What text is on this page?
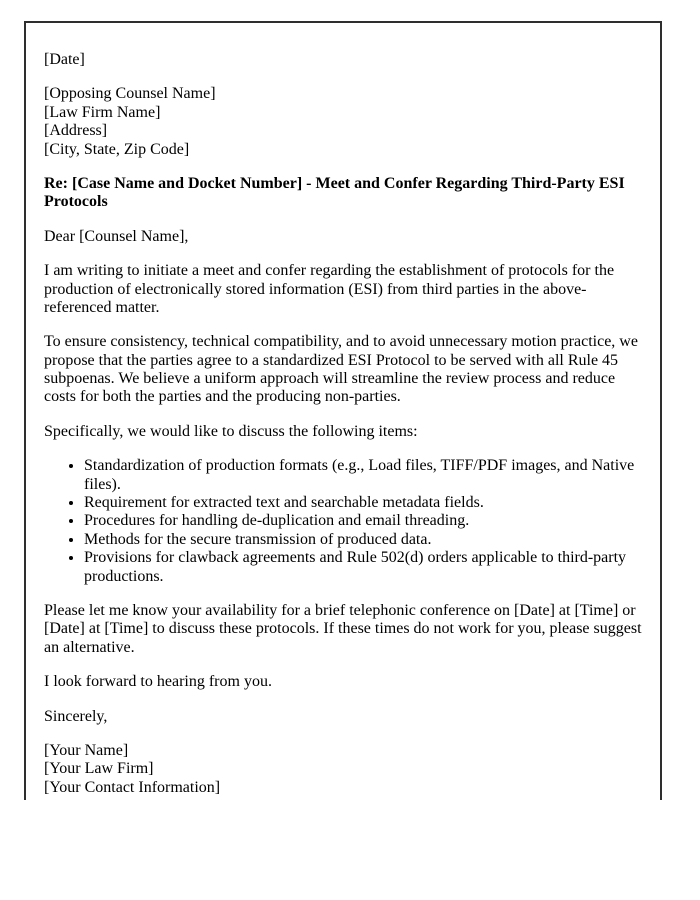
[Date]

[Opposing Counsel Name]
[Law Firm Name]
[Address]
[City, State, Zip Code]

Re: [Case Name and Docket Number] - Meet and Confer Regarding Third-Party ESI Protocols

Dear [Counsel Name],

I am writing to initiate a meet and confer regarding the establishment of protocols for the production of electronically stored information (ESI) from third parties in the above-referenced matter.

To ensure consistency, technical compatibility, and to avoid unnecessary motion practice, we propose that the parties agree to a standardized ESI Protocol to be served with all Rule 45 subpoenas. We believe a uniform approach will streamline the review process and reduce costs for both the parties and the producing non-parties.

Specifically, we would like to discuss the following items:

• Standardization of production formats (e.g., Load files, TIFF/PDF images, and Native files).
• Requirement for extracted text and searchable metadata fields.
• Procedures for handling de-duplication and email threading.
• Methods for the secure transmission of produced data.
• Provisions for clawback agreements and Rule 502(d) orders applicable to third-party productions.

Please let me know your availability for a brief telephonic conference on [Date] at [Time] or [Date] at [Time] to discuss these protocols. If these times do not work for you, please suggest an alternative.

I look forward to hearing from you.

Sincerely,

[Your Name]
[Your Law Firm]
[Your Contact Information]
